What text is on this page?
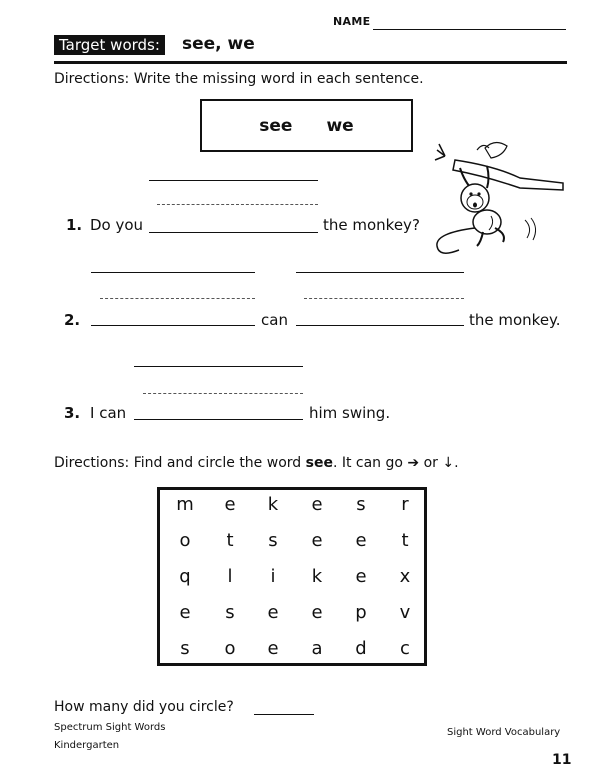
NAME
Target words: see, we
Directions: Write the missing word in each sentence.
see we
1. Do you	the monkey?
2.	can	the monkey.
3. I can	him swing.
Directions: Find and circle the word see. It can go ➔ or ↓.
m	e	k	e	s	r
o	t	s	e	e	t
q	l	i	k	e	x
e	s	e	e	p	v
s	o	e	a	d	c
How many did you circle?
Spectrum Sight Words
Kindergarten
Sight Word Vocabulary
11
